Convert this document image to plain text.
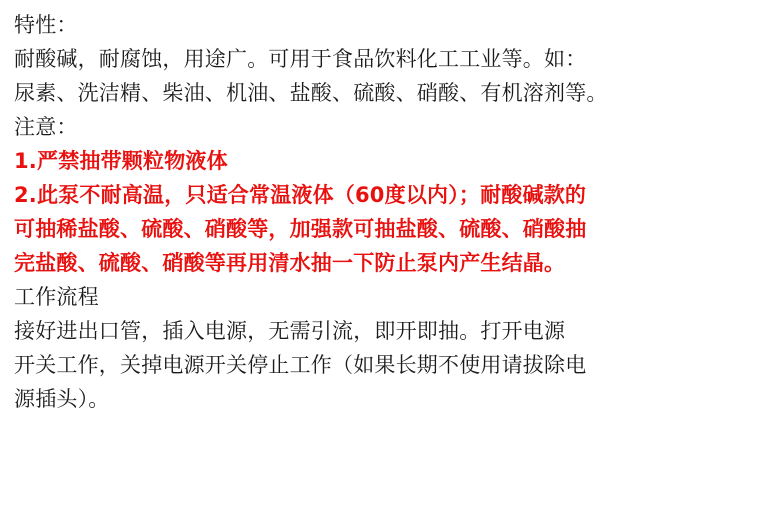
特性：
耐酸碱，耐腐蚀，用途广。可用于食品饮料化工工业等。如：
尿素、洗洁精、柴油、机油、盐酸、硫酸、硝酸、有机溶剂等。
注意：
1.严禁抽带颗粒物液体
2.此泵不耐高温，只适合常温液体（60度以内）；耐酸碱款的
可抽稀盐酸、硫酸、硝酸等，加强款可抽盐酸、硫酸、硝酸抽
完盐酸、硫酸、硝酸等再用清水抽一下防止泵内产生结晶。
工作流程
接好进出口管，插入电源，无需引流，即开即抽。打开电源
开关工作，关掉电源开关停止工作（如果长期不使用请拔除电
源插头）。
